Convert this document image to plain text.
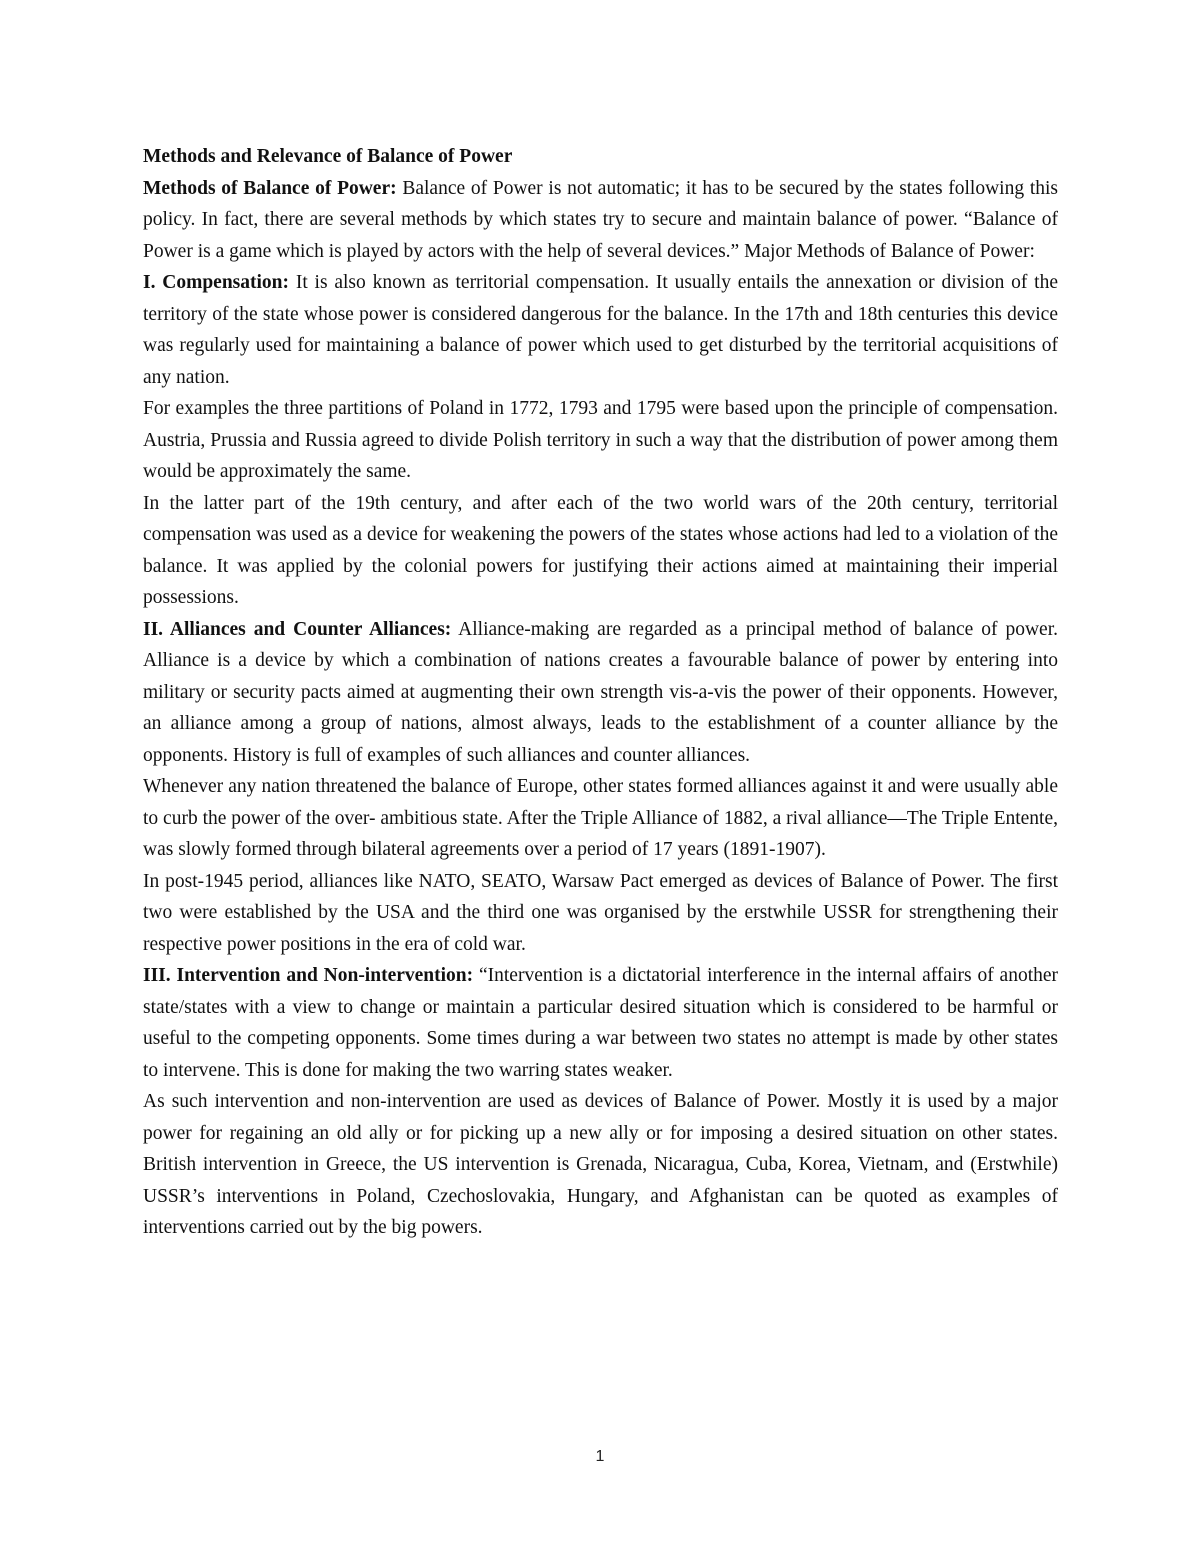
Methods and Relevance of Balance of Power

Methods of Balance of Power: Balance of Power is not automatic; it has to be secured by the states following this policy. In fact, there are several methods by which states try to secure and maintain balance of power. “Balance of Power is a game which is played by actors with the help of several devices.” Major Methods of Balance of Power:

I. Compensation: It is also known as territorial compensation. It usually entails the annexation or division of the territory of the state whose power is considered dangerous for the balance. In the 17th and 18th centuries this device was regularly used for maintaining a balance of power which used to get disturbed by the territorial acquisitions of any nation.

For examples the three partitions of Poland in 1772, 1793 and 1795 were based upon the principle of compensation. Austria, Prussia and Russia agreed to divide Polish territory in such a way that the distribution of power among them would be approximately the same.

In the latter part of the 19th century, and after each of the two world wars of the 20th century, territorial compensation was used as a device for weakening the powers of the states whose actions had led to a violation of the balance. It was applied by the colonial powers for justifying their actions aimed at maintaining their imperial possessions.

II. Alliances and Counter Alliances: Alliance-making are regarded as a principal method of balance of power. Alliance is a device by which a combination of nations creates a favourable balance of power by entering into military or security pacts aimed at augmenting their own strength vis-a-vis the power of their opponents. However, an alliance among a group of nations, almost always, leads to the establishment of a counter alliance by the opponents. History is full of examples of such alliances and counter alliances.

Whenever any nation threatened the balance of Europe, other states formed alliances against it and were usually able to curb the power of the over- ambitious state. After the Triple Alliance of 1882, a rival alliance—The Triple Entente, was slowly formed through bilateral agreements over a period of 17 years (1891-1907).

In post-1945 period, alliances like NATO, SEATO, Warsaw Pact emerged as devices of Balance of Power. The first two were established by the USA and the third one was organised by the erstwhile USSR for strengthening their respective power positions in the era of cold war.

III. Intervention and Non-intervention: “Intervention is a dictatorial interference in the internal affairs of another state/states with a view to change or maintain a particular desired situation which is considered to be harmful or useful to the competing opponents. Some times during a war between two states no attempt is made by other states to intervene. This is done for making the two warring states weaker.

As such intervention and non-intervention are used as devices of Balance of Power. Mostly it is used by a major power for regaining an old ally or for picking up a new ally or for imposing a desired situation on other states. British intervention in Greece, the US intervention is Grenada, Nicaragua, Cuba, Korea, Vietnam, and (Erstwhile) USSR’s interventions in Poland, Czechoslovakia, Hungary, and Afghanistan can be quoted as examples of interventions carried out by the big powers.

1
